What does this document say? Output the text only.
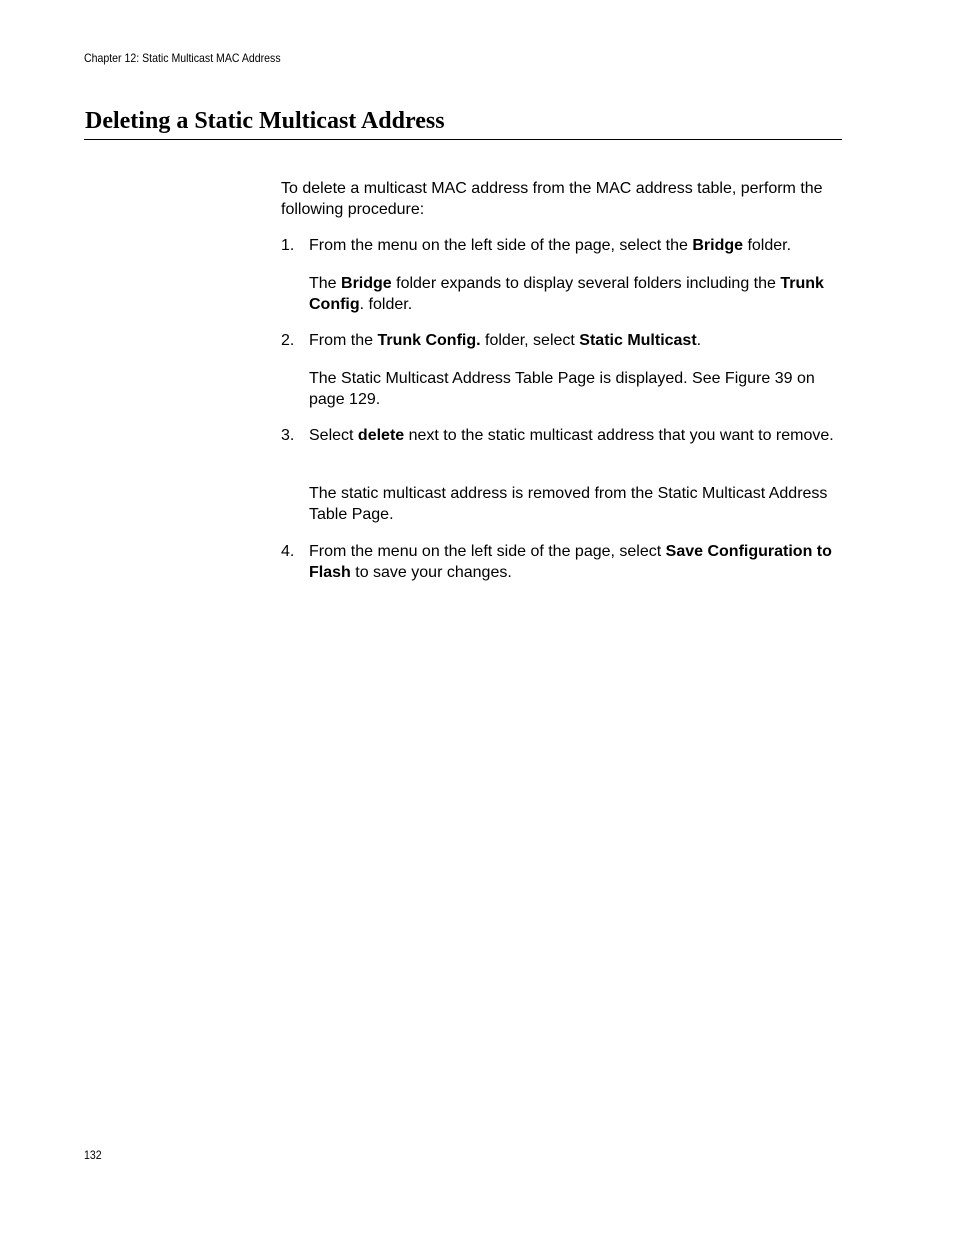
Chapter 12: Static Multicast MAC Address
Deleting a Static Multicast Address

To delete a multicast MAC address from the MAC address table, perform the following procedure:

1. From the menu on the left side of the page, select the Bridge folder.
The Bridge folder expands to display several folders including the Trunk Config. folder.
2. From the Trunk Config. folder, select Static Multicast.
The Static Multicast Address Table Page is displayed. See Figure 39 on page 129.
3. Select delete next to the static multicast address that you want to remove.
The static multicast address is removed from the Static Multicast Address Table Page.
4. From the menu on the left side of the page, select Save Configuration to Flash to save your changes.
132
